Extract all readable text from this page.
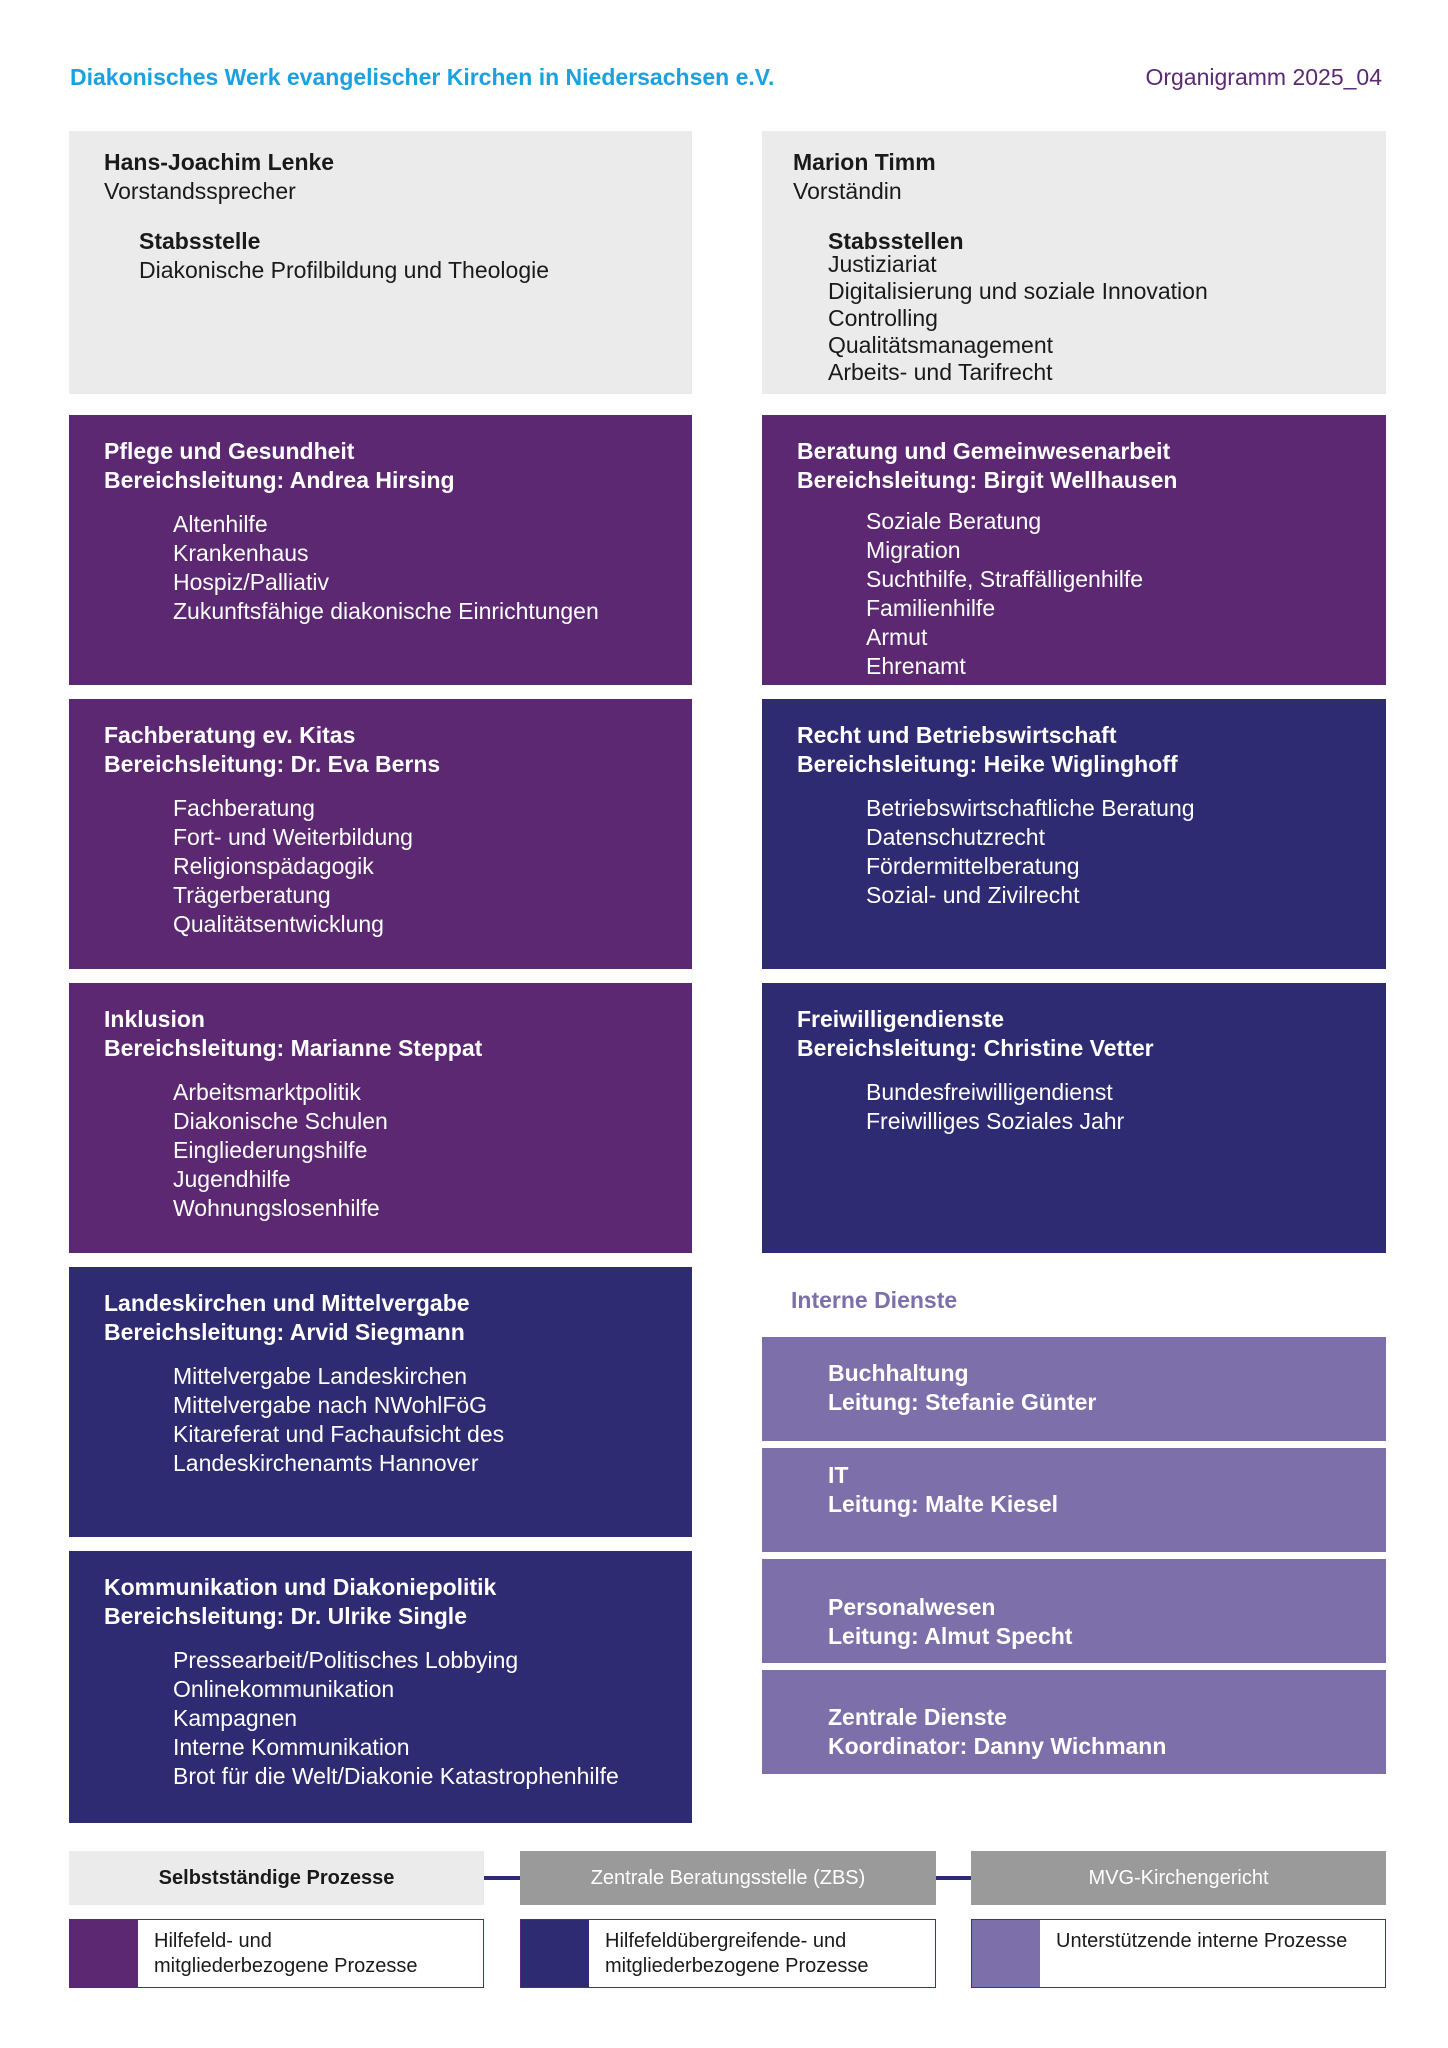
Diakonisches Werk evangelischer Kirchen in Niedersachsen e.V.	Organigramm 2025_04
Hans-Joachim Lenke
Vorstandssprecher
Stabsstelle
Diakonische Profilbildung und Theologie
Marion Timm
Vorständin
Stabsstellen
Justiziariat
Digitalisierung und soziale Innovation
Controlling
Qualitätsmanagement
Arbeits- und Tarifrecht
Pflege und Gesundheit
Bereichsleitung: Andrea Hirsing
Altenhilfe
Krankenhaus
Hospiz/Palliativ
Zukunftsfähige diakonische Einrichtungen
Beratung und Gemeinwesenarbeit
Bereichsleitung: Birgit Wellhausen
Soziale Beratung
Migration
Suchthilfe, Straffälligenhilfe
Familienhilfe
Armut
Ehrenamt
Fachberatung ev. Kitas
Bereichsleitung: Dr. Eva Berns
Fachberatung
Fort- und Weiterbildung
Religionspädagogik
Trägerberatung
Qualitätsentwicklung
Recht und Betriebswirtschaft
Bereichsleitung: Heike Wiglinghoff
Betriebswirtschaftliche Beratung
Datenschutzrecht
Fördermittelberatung
Sozial- und Zivilrecht
Inklusion
Bereichsleitung: Marianne Steppat
Arbeitsmarktpolitik
Diakonische Schulen
Eingliederungshilfe
Jugendhilfe
Wohnungslosenhilfe
Freiwilligendienste
Bereichsleitung: Christine Vetter
Bundesfreiwilligendienst
Freiwilliges Soziales Jahr
Landeskirchen und Mittelvergabe
Bereichsleitung: Arvid Siegmann
Mittelvergabe Landeskirchen
Mittelvergabe nach NWohlFöG
Kitareferat und Fachaufsicht des
Landeskirchenamts Hannover
Kommunikation und Diakoniepolitik
Bereichsleitung: Dr. Ulrike Single
Pressearbeit/Politisches Lobbying
Onlinekommunikation
Kampagnen
Interne Kommunikation
Brot für die Welt/Diakonie Katastrophenhilfe
Interne Dienste
Buchhaltung
Leitung: Stefanie Günter
IT
Leitung: Malte Kiesel
Personalwesen
Leitung: Almut Specht
Zentrale Dienste
Koordinator: Danny Wichmann
Selbstständige Prozesse	Zentrale Beratungsstelle (ZBS)	MVG-Kirchengericht
Hilfefeld- und
mitgliederbezogene Prozesse
Hilfefeldübergreifende- und
mitgliederbezogene Prozesse
Unterstützende interne Prozesse
